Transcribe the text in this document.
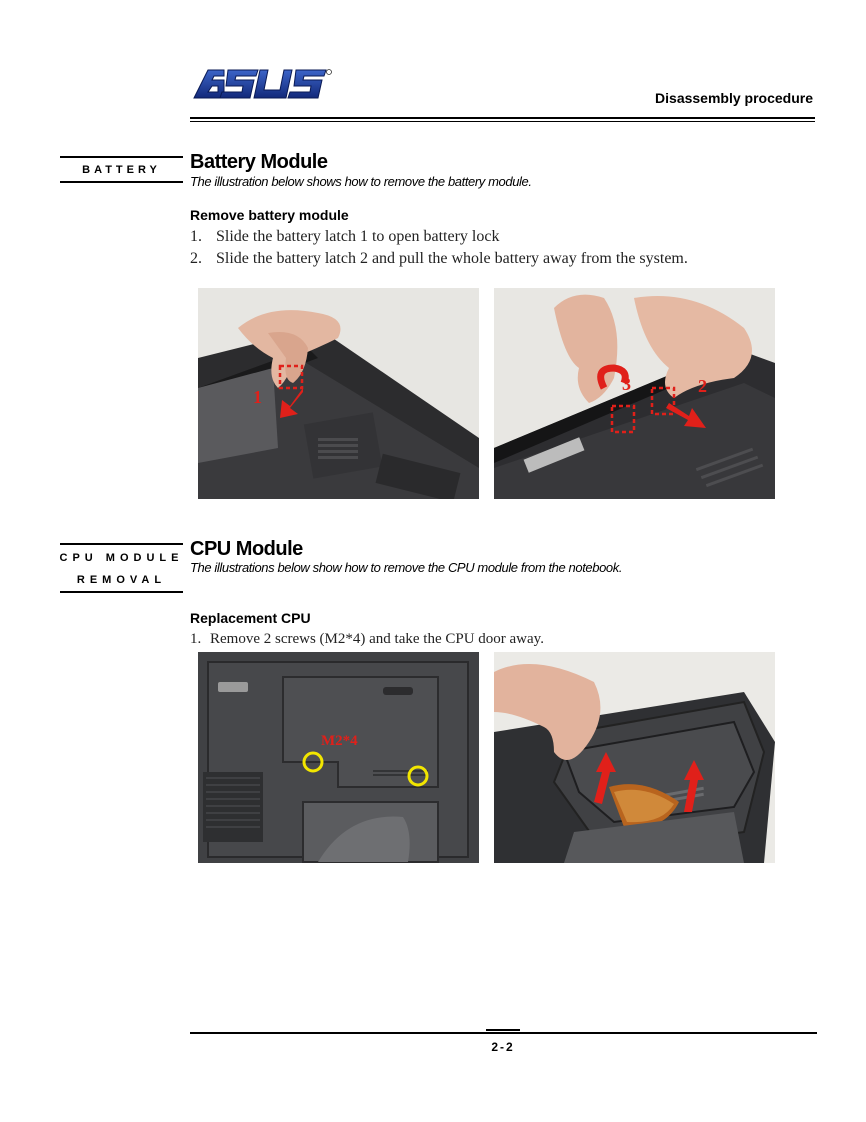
Disassembly procedure
BATTERY	Battery Module
The illustration below shows how to remove the battery module.
Remove battery module
1. Slide the battery latch 1 to open battery lock
2. Slide the battery latch 2 and pull the whole battery away from the system.
1
3	2
CPU MODULE
REMOVAL
CPU Module
The illustrations below show how to remove the CPU module from the notebook.
Replacement CPU
1. Remove 2 screws (M2*4) and take the CPU door away.
M2*4
2-2
